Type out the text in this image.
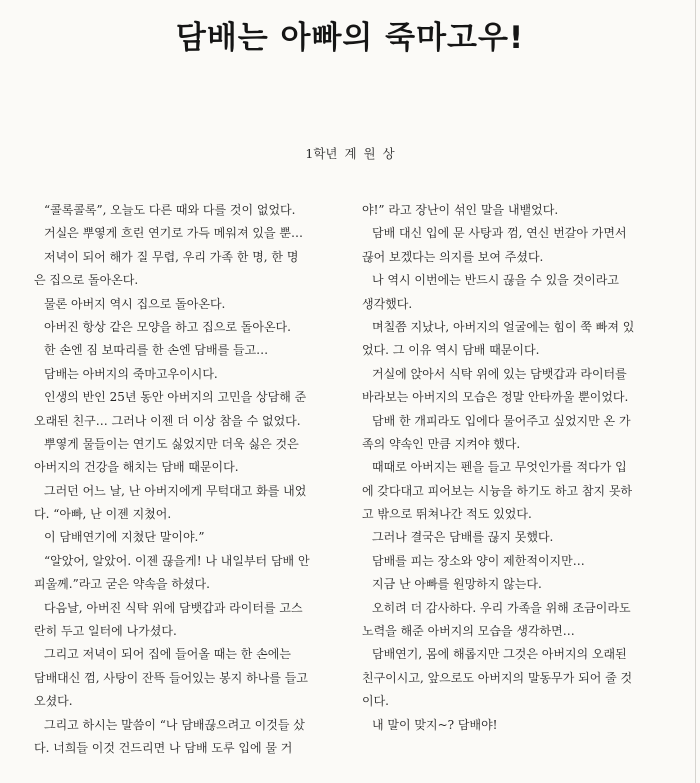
담배는 아빠의 죽마고우!
1학년 계 원 상
“콜록콜록”, 오늘도 다른 때와 다를 것이 없었다.
거실은 뿌옇게 흐린 연기로 가득 메워져 있을 뿐…
저녁이 되어 해가 질 무렵, 우리 가족 한 명, 한 명
은 집으로 돌아온다.
물론 아버지 역시 집으로 돌아온다.
아버진 항상 같은 모양을 하고 집으로 돌아온다.
한 손엔 짐 보따리를 한 손엔 담배를 들고…
담배는 아버지의 죽마고우이시다.
인생의 반인 25년 동안 아버지의 고민을 상담해 준
오래된 친구… 그러나 이젠 더 이상 참을 수 없었다.
뿌옇게 물들이는 연기도 싫었지만 더욱 싫은 것은
아버지의 건강을 해치는 담배 때문이다.
그러던 어느 날, 난 아버지에게 무턱대고 화를 내었
다. “아빠, 난 이젠 지쳤어.
이 담배연기에 지쳤단 말이야.”
“알았어, 알았어. 이젠 끊을게! 나 내일부터 담배 안
피울께.”라고 굳은 약속을 하셨다.
다음날, 아버진 식탁 위에 담뱃갑과 라이터를 고스
란히 두고 일터에 나가셨다.
그리고 저녁이 되어 집에 들어올 때는 한 손에는
담배대신 껌, 사탕이 잔뜩 들어있는 봉지 하나를 들고
오셨다.
그리고 하시는 말씀이 “나 담배끊으려고 이것들 샀
다. 너희들 이것 건드리면 나 담배 도루 입에 물 거
야!” 라고 장난이 섞인 말을 내뱉었다.
담배 대신 입에 문 사탕과 껌, 연신 번갈아 가면서
끊어 보겠다는 의지를 보여 주셨다.
나 역시 이번에는 반드시 끊을 수 있을 것이라고
생각했다.
며칠쯤 지났나, 아버지의 얼굴에는 힘이 쭉 빠져 있
었다. 그 이유 역시 담배 때문이다.
거실에 앉아서 식탁 위에 있는 담뱃갑과 라이터를
바라보는 아버지의 모습은 정말 안타까울 뿐이었다.
담배 한 개피라도 입에다 물어주고 싶었지만 온 가
족의 약속인 만큼 지켜야 했다.
때때로 아버지는 펜을 들고 무엇인가를 적다가 입
에 갖다대고 피어보는 시늉을 하기도 하고 참지 못하
고 밖으로 뛰쳐나간 적도 있었다.
그러나 결국은 담배를 끊지 못했다.
담배를 피는 장소와 양이 제한적이지만…
지금 난 아빠를 원망하지 않는다.
오히려 더 감사하다. 우리 가족을 위해 조금이라도
노력을 해준 아버지의 모습을 생각하면…
담배연기, 몸에 해롭지만 그것은 아버지의 오래된
친구이시고, 앞으로도 아버지의 말동무가 되어 줄 것
이다.
내 말이 맞지~? 담배야!
